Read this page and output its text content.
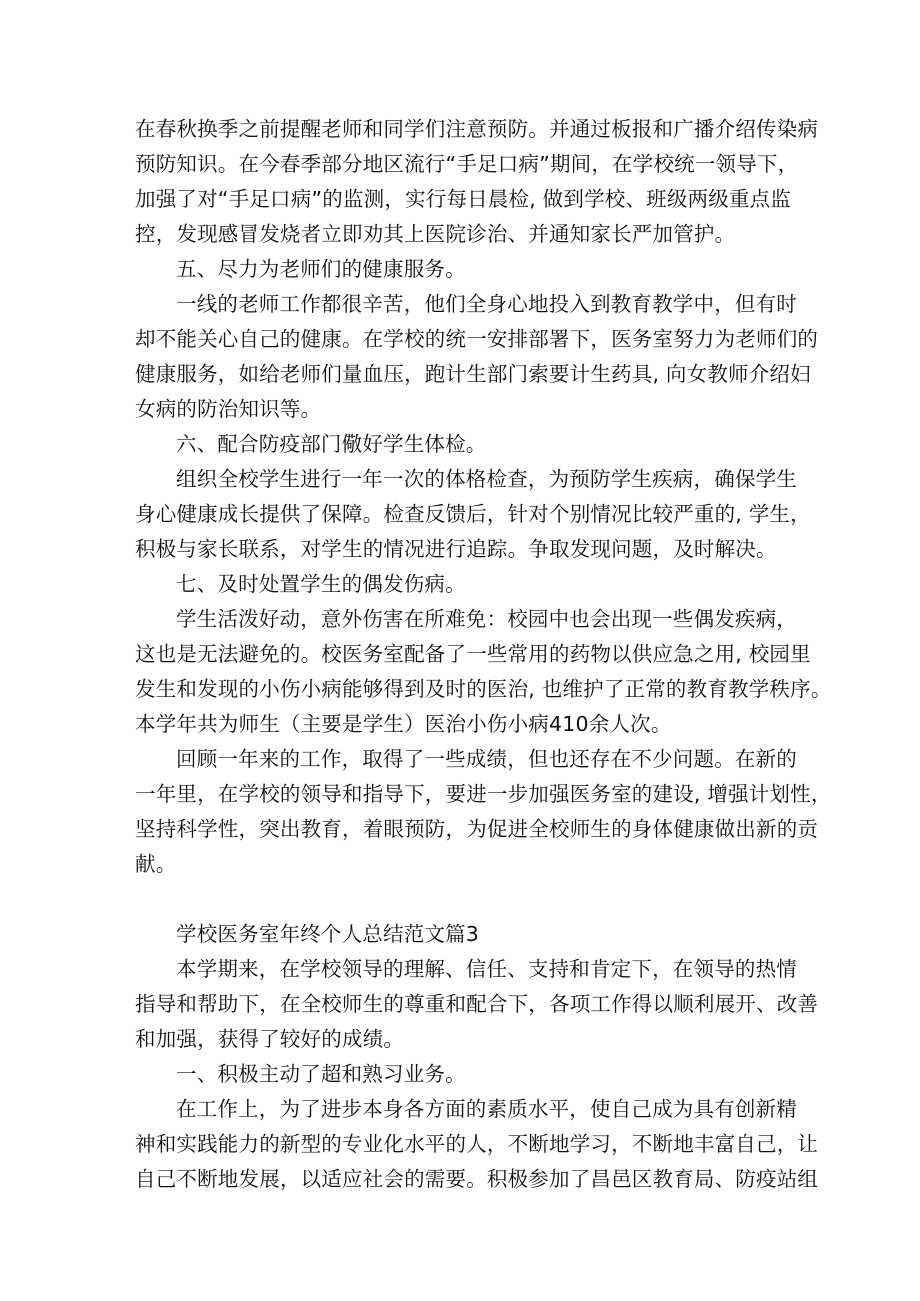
在春秋换季之前提醒老师和同学们注意预防。并通过板报和广播介绍传染病
预防知识。在今春季部分地区流行“手足口病”期间，在学校统一领导下，
加强了对“手足口病”的监测，实行每日晨检, 做到学校、班级两级重点监
控，发现感冒发烧者立即劝其上医院诊治、并通知家长严加管护。
五、尽力为老师们的健康服务。
一线的老师工作都很辛苦，他们全身心地投入到教育教学中，但有时
却不能关心自己的健康。在学校的统一安排部署下，医务室努力为老师们的
健康服务，如给老师们量血压，跑计生部门索要计生药具, 向女教师介绍妇
女病的防治知识等。
六、配合防疫部门儆好学生体检。
组织全校学生进行一年一次的体格检查，为预防学生疾病，确保学生
身心健康成长提供了保障。检查反馈后，针对个别情况比较严重的, 学生，
积极与家长联系，对学生的情况进行追踪。争取发现问题，及时解决。
七、及时处置学生的偶发伤病。
学生活泼好动，意外伤害在所难免：校园中也会出现一些偶发疾病，
这也是无法避免的。校医务室配备了一些常用的药物以供应急之用, 校园里
发生和发现的小伤小病能够得到及时的医治, 也维护了正常的教育教学秩序。
本学年共为师生（主要是学生）医治小伤小病410余人次。
回顾一年来的工作，取得了一些成绩，但也还存在不少问题。在新的
一年里，在学校的领导和指导下，要进一步加强医务室的建设, 增强计划性，
坚持科学性，突出教育，着眼预防，为促进全校师生的身体健康做出新的贡
献。
学校医务室年终个人总结范文篇3
本学期来，在学校领导的理解、信任、支持和肯定下，在领导的热情
指导和帮助下，在全校师生的尊重和配合下，各项工作得以顺利展开、改善
和加强，获得了较好的成绩。
一、积极主动了超和熟习业务。
在工作上，为了进步本身各方面的素质水平，使自己成为具有创新精
神和实践能力的新型的专业化水平的人，不断地学习，不断地丰富自己，让
自己不断地发展，以适应社会的需要。积极参加了昌邑区教育局、防疫站组
